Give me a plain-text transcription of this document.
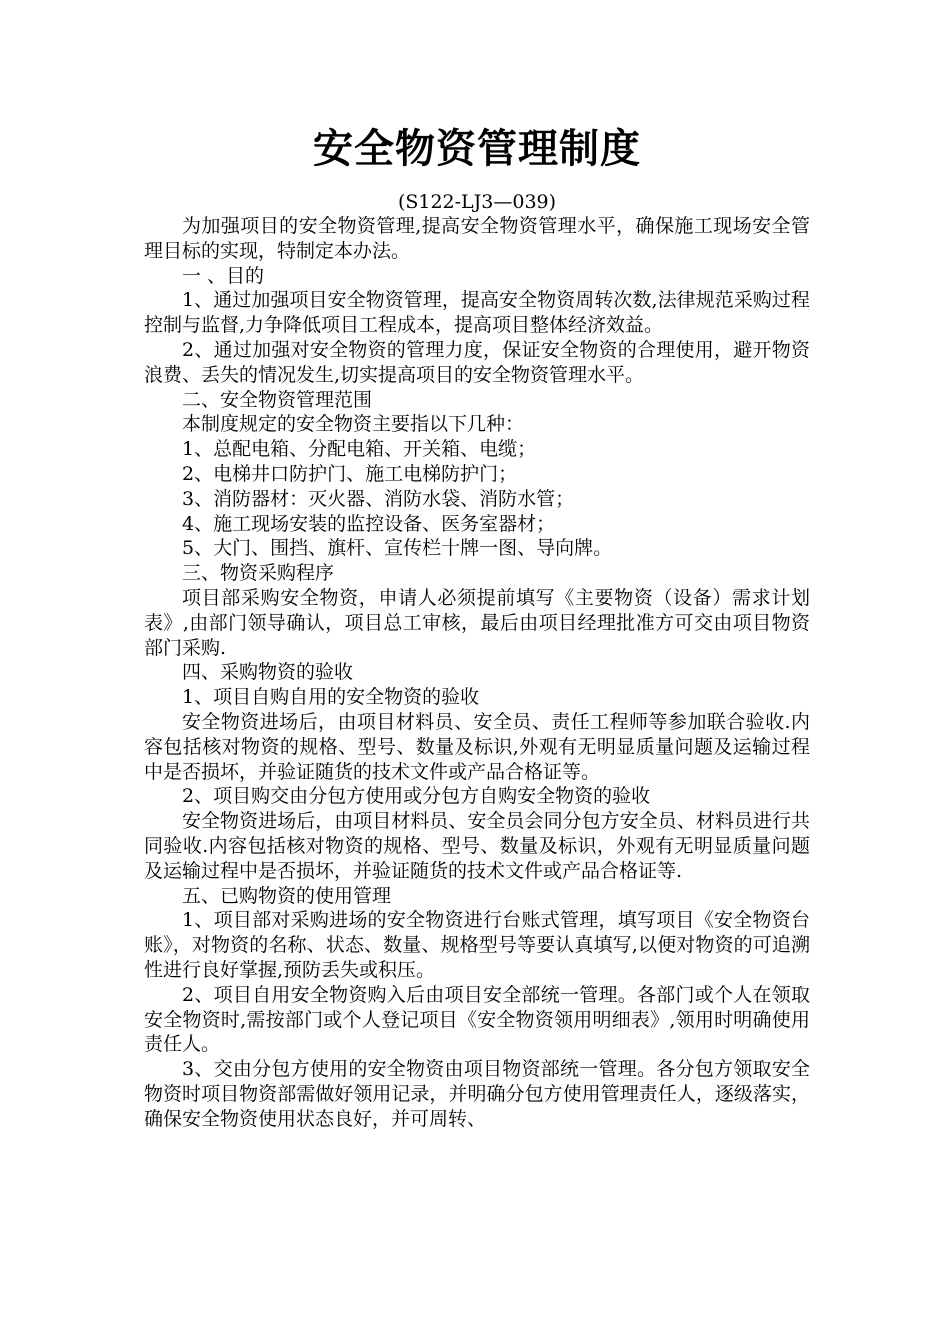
安全物资管理制度

(S122-LJ3—039)

为加强项目的安全物资管理,提高安全物资管理水平，确保施工现场安全管理目标的实现，特制定本办法。

一 、目的

1、通过加强项目安全物资管理，提高安全物资周转次数,法律规范采购过程控制与监督,力争降低项目工程成本，提高项目整体经济效益。

2、通过加强对安全物资的管理力度，保证安全物资的合理使用，避开物资浪费、丢失的情况发生,切实提高项目的安全物资管理水平。

二、安全物资管理范围

本制度规定的安全物资主要指以下几种：

1、总配电箱、分配电箱、开关箱、电缆；

2、电梯井口防护门、施工电梯防护门；

3、消防器材：灭火器、消防水袋、消防水管；

4、施工现场安装的监控设备、医务室器材；

5、大门、围挡、旗杆、宣传栏十牌一图、导向牌。

三、物资采购程序

项目部采购安全物资，申请人必须提前填写《主要物资（设备）需求计划表》,由部门领导确认，项目总工审核，最后由项目经理批准方可交由项目物资部门采购.

四、采购物资的验收

1、项目自购自用的安全物资的验收

安全物资进场后，由项目材料员、安全员、责任工程师等参加联合验收.内容包括核对物资的规格、型号、数量及标识,外观有无明显质量问题及运输过程中是否损坏，并验证随货的技术文件或产品合格证等。

2、项目购交由分包方使用或分包方自购安全物资的验收

安全物资进场后，由项目材料员、安全员会同分包方安全员、材料员进行共同验收.内容包括核对物资的规格、型号、数量及标识，外观有无明显质量问题及运输过程中是否损坏，并验证随货的技术文件或产品合格证等.

五、已购物资的使用管理

1、项目部对采购进场的安全物资进行台账式管理，填写项目《安全物资台账》，对物资的名称、状态、数量、规格型号等要认真填写,以便对物资的可追溯性进行良好掌握,预防丢失或积压。

2、项目自用安全物资购入后由项目安全部统一管理。各部门或个人在领取安全物资时,需按部门或个人登记项目《安全物资领用明细表》,领用时明确使用责任人。

3、交由分包方使用的安全物资由项目物资部统一管理。各分包方领取安全物资时项目物资部需做好领用记录，并明确分包方使用管理责任人，逐级落实，确保安全物资使用状态良好，并可周转、
